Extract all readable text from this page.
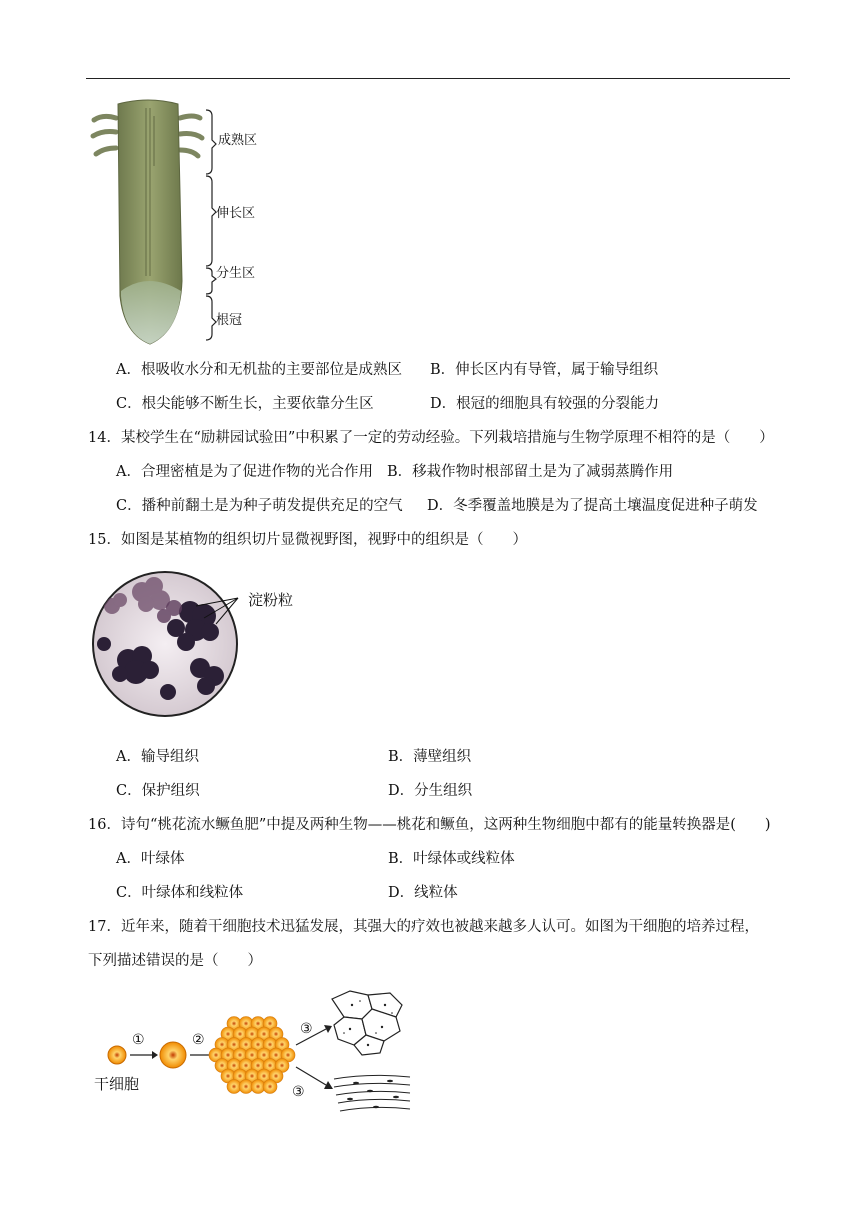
成熟区
伸长区
分生区
根冠
A．根吸收水分和无机盐的主要部位是成熟区 B．伸长区内有导管，属于输导组织
C．根尖能够不断生长，主要依靠分生区	D．根冠的细胞具有较强的分裂能力
14．某校学生在“励耕园试验田”中积累了一定的劳动经验。下列栽培措施与生物学原理不相符的是（　　）
A．合理密植是为了促进作物的光合作用 B．移栽作物时根部留土是为了减弱蒸腾作用
C．播种前翻土是为种子萌发提供充足的空气 D．冬季覆盖地膜是为了提高土壤温度促进种子萌发
15．如图是某植物的组织切片显微视野图，视野中的组织是（　　）
淀粉粒
A．输导组织	B．薄壁组织
C．保护组织	D．分生组织
16．诗句“桃花流水鳜鱼肥”中提及两种生物——桃花和鳜鱼，这两种生物细胞中都有的能量转换器是(　　)
A．叶绿体	B．叶绿体或线粒体
C．叶绿体和线粒体	D．线粒体
17．近年来，随着干细胞技术迅猛发展，其强大的疗效也被越来越多人认可。如图为干细胞的培养过程，
下列描述错误的是（　　）
①	②
③
③
干细胞
